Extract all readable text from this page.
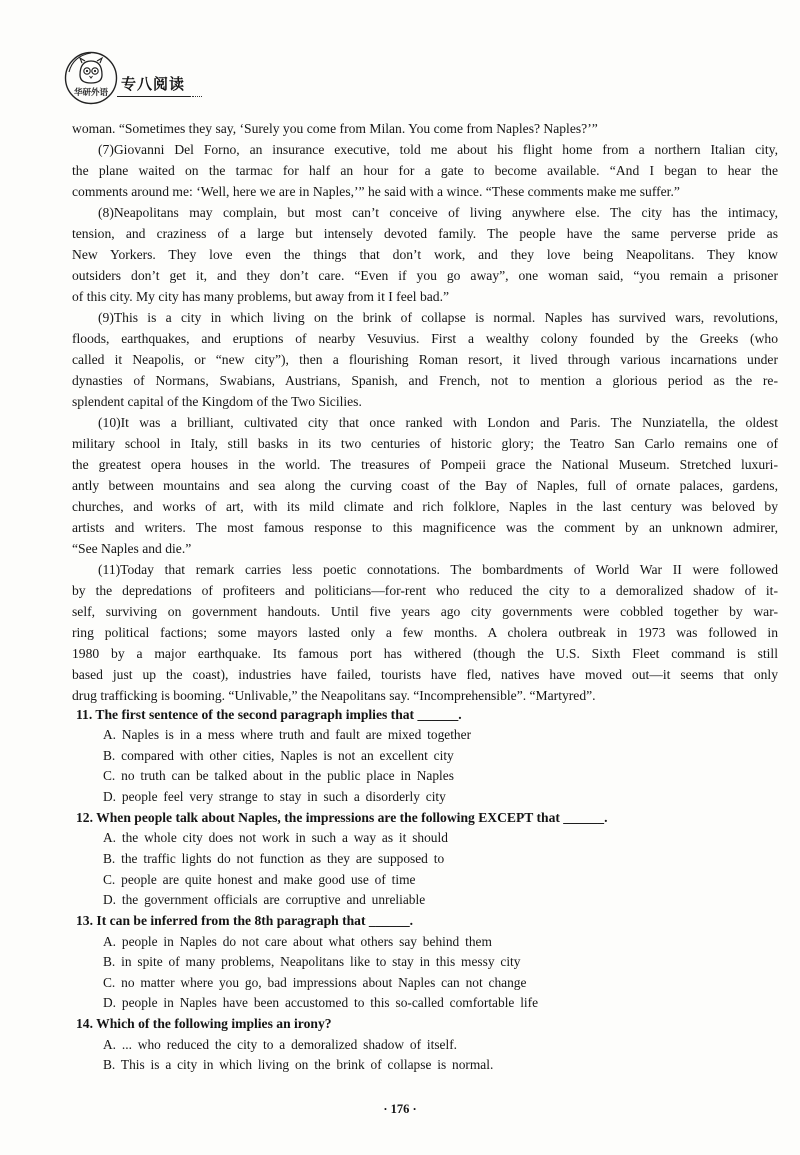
华研外语 专八阅读
woman. “Sometimes they say, ‘Surely you come from Milan. You come from Naples? Naples?’”
(7)Giovanni Del Forno, an insurance executive, told me about his flight home from a northern Italian city,
the plane waited on the tarmac for half an hour for a gate to become available. “And I began to hear the
comments around me: ‘Well, here we are in Naples,’” he said with a wince. “These comments make me suffer.”
(8)Neapolitans may complain, but most can’t conceive of living anywhere else. The city has the intimacy,
tension, and craziness of a large but intensely devoted family. The people have the same perverse pride as
New Yorkers. They love even the things that don’t work, and they love being Neapolitans. They know
outsiders don’t get it, and they don’t care. “Even if you go away”, one woman said, “you remain a prisoner
of this city. My city has many problems, but away from it I feel bad.”
(9)This is a city in which living on the brink of collapse is normal. Naples has survived wars, revolutions,
floods, earthquakes, and eruptions of nearby Vesuvius. First a wealthy colony founded by the Greeks (who
called it Neapolis, or “new city”), then a flourishing Roman resort, it lived through various incarnations under
dynasties of Normans, Swabians, Austrians, Spanish, and French, not to mention a glorious period as the re-
splendent capital of the Kingdom of the Two Sicilies.
(10)It was a brilliant, cultivated city that once ranked with London and Paris. The Nunziatella, the oldest
military school in Italy, still basks in its two centuries of historic glory; the Teatro San Carlo remains one of
the greatest opera houses in the world. The treasures of Pompeii grace the National Museum. Stretched luxuri-
antly between mountains and sea along the curving coast of the Bay of Naples, full of ornate palaces, gardens,
churches, and works of art, with its mild climate and rich folklore, Naples in the last century was beloved by
artists and writers. The most famous response to this magnificence was the comment by an unknown admirer,
“See Naples and die.”
(11)Today that remark carries less poetic connotations. The bombardments of World War II were followed
by the depredations of profiteers and politicians—for-rent who reduced the city to a demoralized shadow of it-
self, surviving on government handouts. Until five years ago city governments were cobbled together by war-
ring political factions; some mayors lasted only a few months. A cholera outbreak in 1973 was followed in
1980 by a major earthquake. Its famous port has withered (though the U.S. Sixth Fleet command is still
based just up the coast), industries have failed, tourists have fled, natives have moved out—it seems that only
drug trafficking is booming. “Unlivable,” the Neapolitans say. “Incomprehensible”. “Martyred”.
11. The first sentence of the second paragraph implies that ______.
A. Naples is in a mess where truth and fault are mixed together
B. compared with other cities, Naples is not an excellent city
C. no truth can be talked about in the public place in Naples
D. people feel very strange to stay in such a disorderly city
12. When people talk about Naples, the impressions are the following EXCEPT that ______.
A. the whole city does not work in such a way as it should
B. the traffic lights do not function as they are supposed to
C. people are quite honest and make good use of time
D. the government officials are corruptive and unreliable
13. It can be inferred from the 8th paragraph that ______.
A. people in Naples do not care about what others say behind them
B. in spite of many problems, Neapolitans like to stay in this messy city
C. no matter where you go, bad impressions about Naples can not change
D. people in Naples have been accustomed to this so-called comfortable life
14. Which of the following implies an irony?
A. ... who reduced the city to a demoralized shadow of itself.
B. This is a city in which living on the brink of collapse is normal.
· 176 ·
